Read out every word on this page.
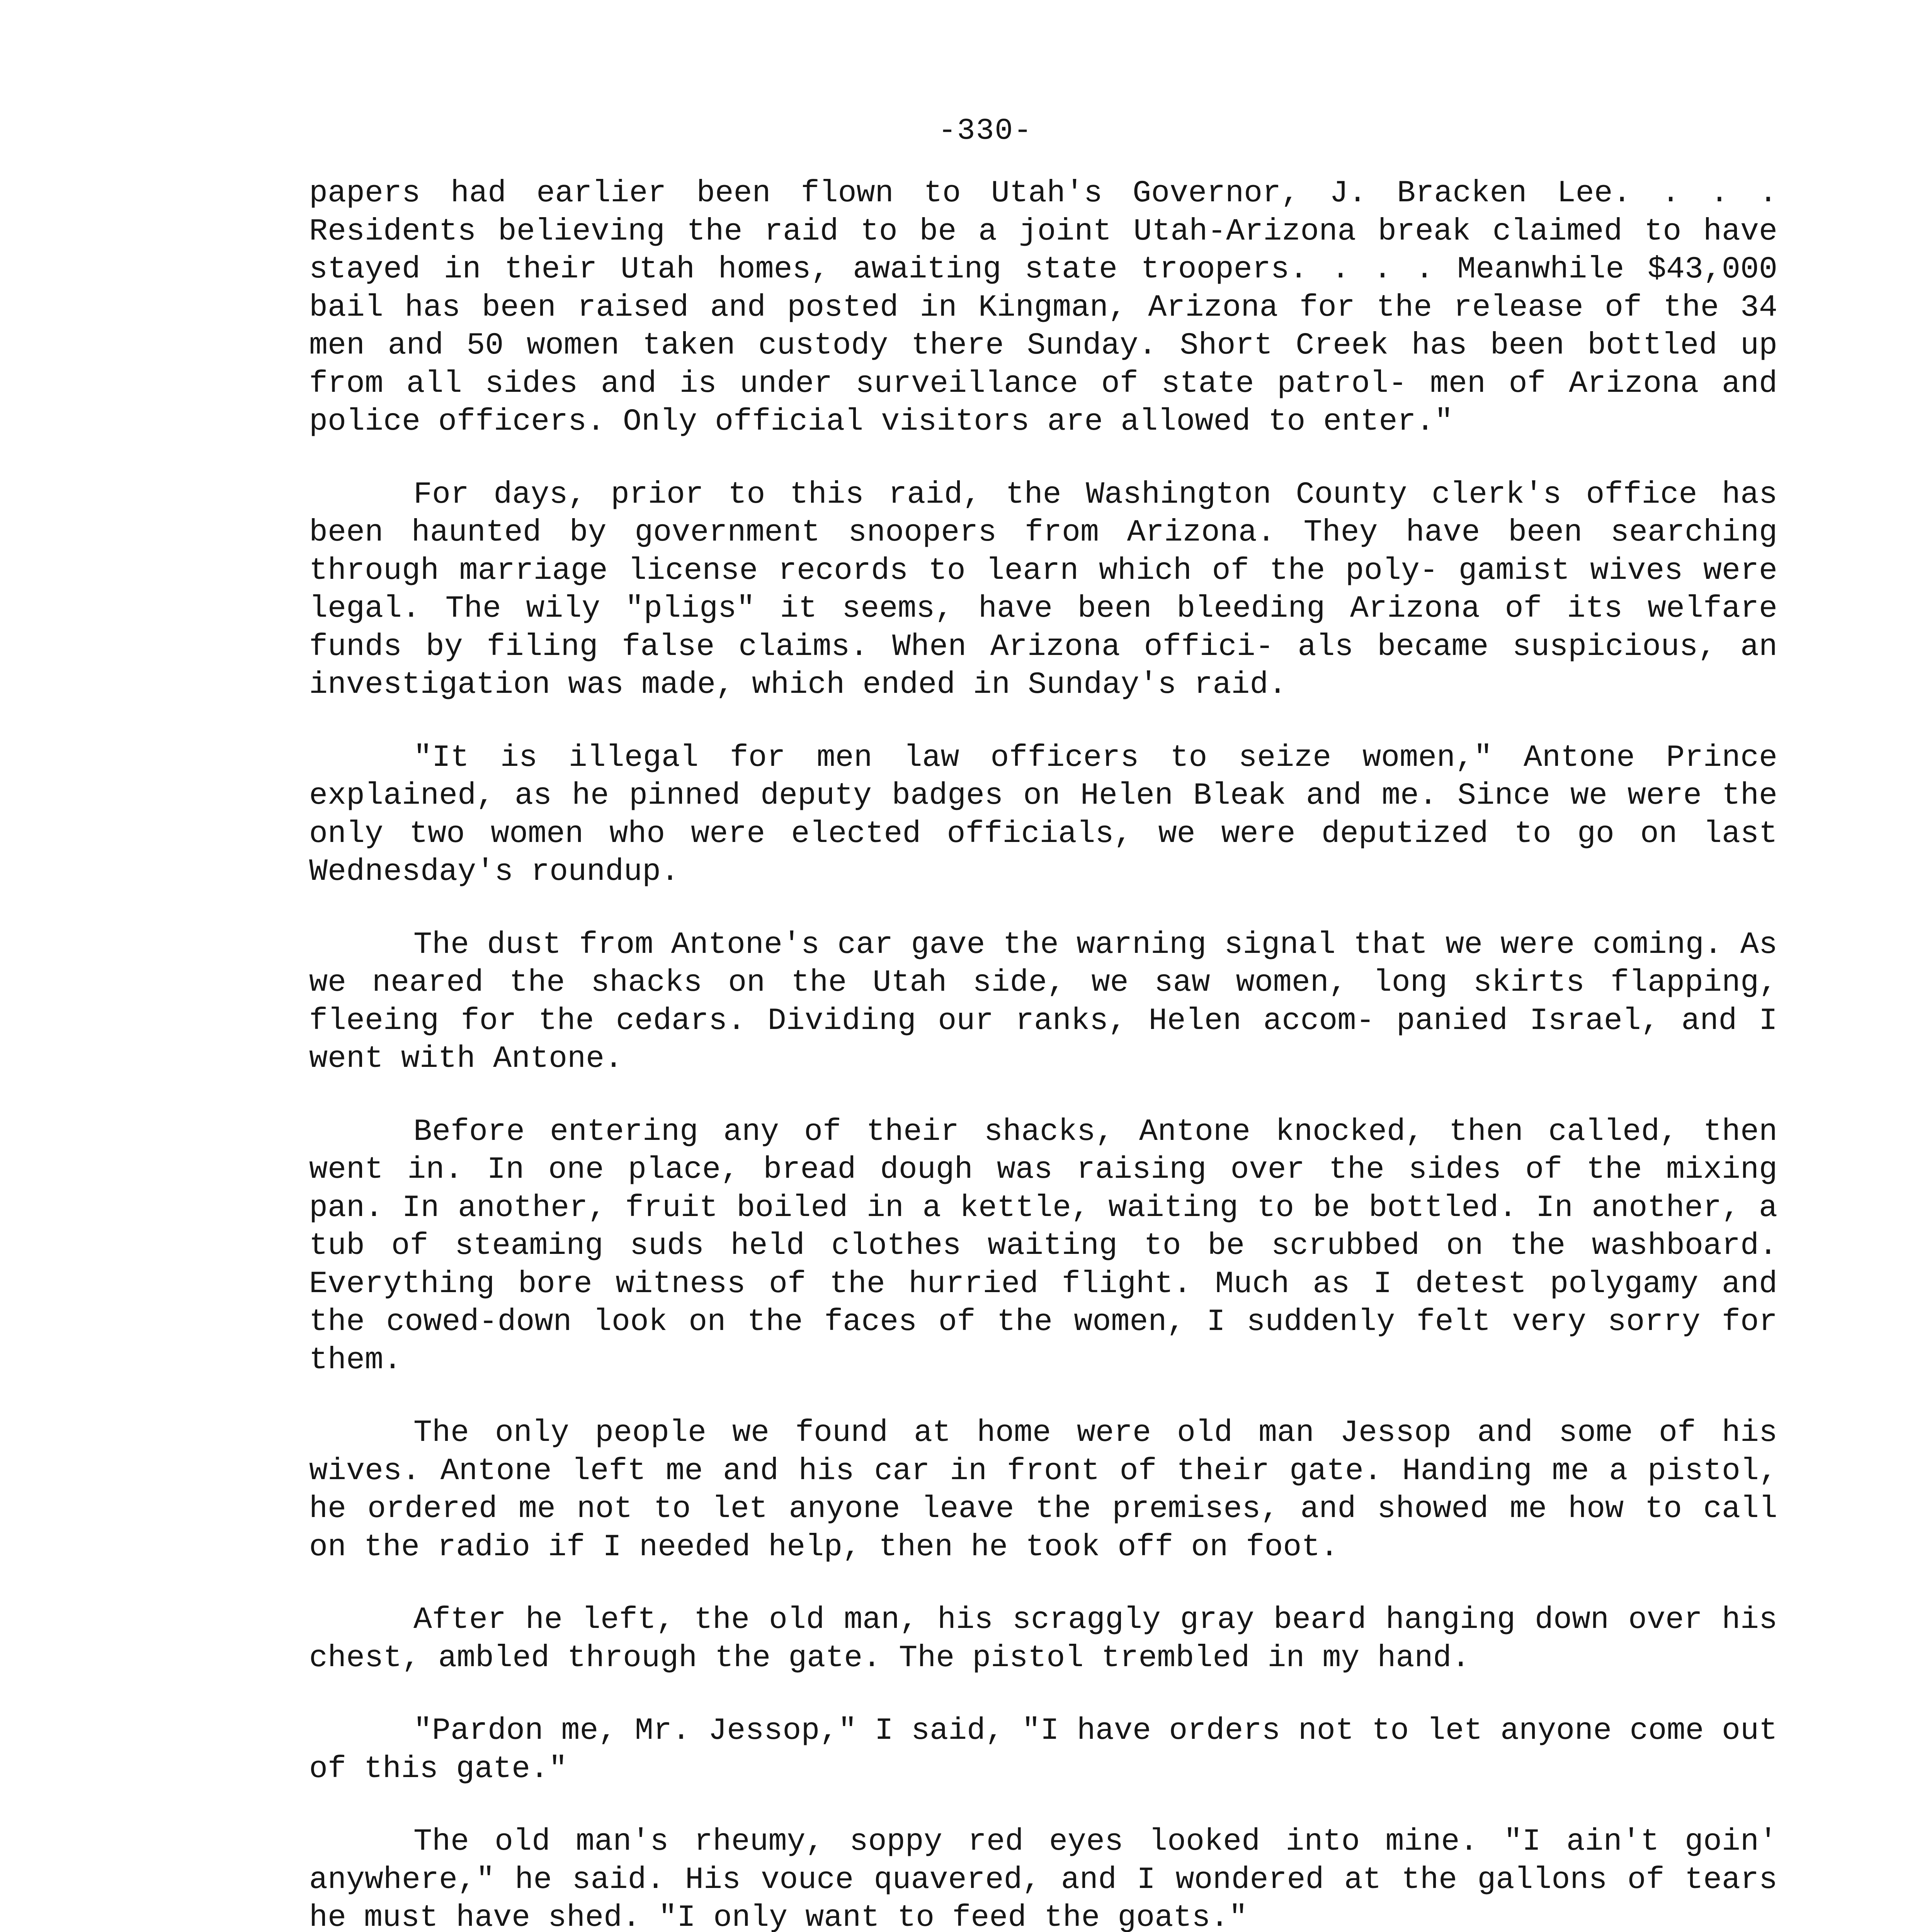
-330-

papers had earlier been flown to Utah's Governor, J. Bracken Lee. . . . Residents believing the raid to be a joint Utah-Arizona break claimed to have stayed in their Utah homes, awaiting state troopers. . . . Meanwhile $43,000 bail has been raised and posted in Kingman, Arizona for the release of the 34 men and 50 women taken custody there Sunday. Short Creek has been bottled up from all sides and is under surveillance of state patrol- men of Arizona and police officers. Only official visitors are allowed to enter."

For days, prior to this raid, the Washington County clerk's office has been haunted by government snoopers from Arizona. They have been searching through marriage license records to learn which of the poly- gamist wives were legal. The wily "pligs" it seems, have been bleeding Arizona of its welfare funds by filing false claims. When Arizona offici- als became suspicious, an investigation was made, which ended in Sunday's raid.

"It is illegal for men law officers to seize women," Antone Prince explained, as he pinned deputy badges on Helen Bleak and me. Since we were the only two women who were elected officials, we were deputized to go on last Wednesday's roundup.

The dust from Antone's car gave the warning signal that we were coming. As we neared the shacks on the Utah side, we saw women, long skirts flapping, fleeing for the cedars. Dividing our ranks, Helen accom- panied Israel, and I went with Antone.

Before entering any of their shacks, Antone knocked, then called, then went in. In one place, bread dough was raising over the sides of the mixing pan. In another, fruit boiled in a kettle, waiting to be bottled. In another, a tub of steaming suds held clothes waiting to be scrubbed on the washboard. Everything bore witness of the hurried flight. Much as I detest polygamy and the cowed-down look on the faces of the women, I suddenly felt very sorry for them.

The only people we found at home were old man Jessop and some of his wives. Antone left me and his car in front of their gate. Handing me a pistol, he ordered me not to let anyone leave the premises, and showed me how to call on the radio if I needed help, then he took off on foot.

After he left, the old man, his scraggly gray beard hanging down over his chest, ambled through the gate. The pistol trembled in my hand.

"Pardon me, Mr. Jessop," I said, "I have orders not to let anyone come out of this gate."

The old man's rheumy, soppy red eyes looked into mine. "I ain't goin' anywhere," he said. His vouce quavered, and I wondered at the gallons of tears he must have shed. "I only want to feed the goats."
